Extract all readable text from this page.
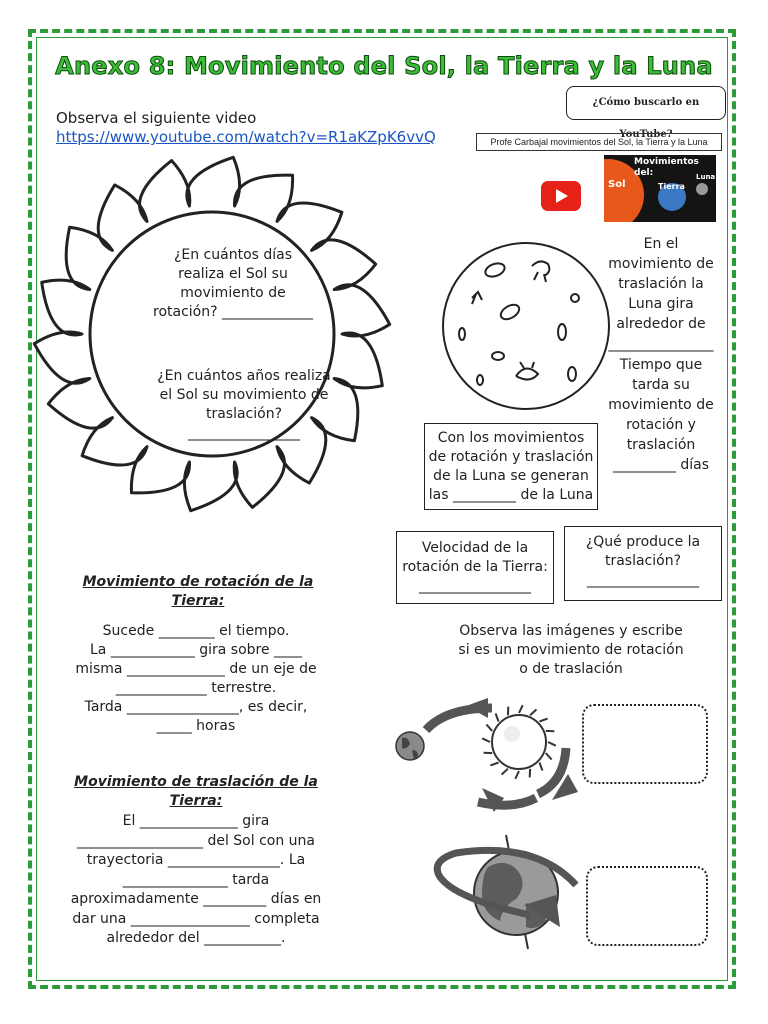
Anexo 8: Movimiento del Sol, la Tierra y la Luna
Observa el siguiente video
https://www.youtube.com/watch?v=R1aKZpK6vvQ
¿Cómo buscarlo en YouTube?
Profe Carbajal movimientos del Sol, la Tierra y la Luna
Movimientos del:
Sol	Tierra
Luna
¿En cuántos días
realiza el Sol su
movimiento de
rotación? _____________
¿En cuántos años realiza
el Sol su movimiento de
traslación?
________________
En el
movimiento de
traslación la
Luna gira
alrededor de
_______________
Tiempo que
tarda su
movimiento de
rotación y
traslación
_________ días
Con los movimientos
de rotación y traslación
de la Luna se generan
las _________ de la Luna
Velocidad de la
rotación de la Tierra:
________________
¿Qué produce la
traslación?
________________
Movimiento de rotación de la
Tierra:
Sucede ________ el tiempo.
La ____________ gira sobre ____
misma ______________ de un eje de
_____________ terrestre.
Tarda ________________, es decir,
_____ horas
Movimiento de traslación de la Tierra:
El ______________ gira
__________________ del Sol con una
trayectoria ________________. La
_______________ tarda
aproximadamente _________ días en
dar una _________________ completa
alrededor del ___________.
Observa las imágenes y escribe
si es un movimiento de rotación
o de traslación
